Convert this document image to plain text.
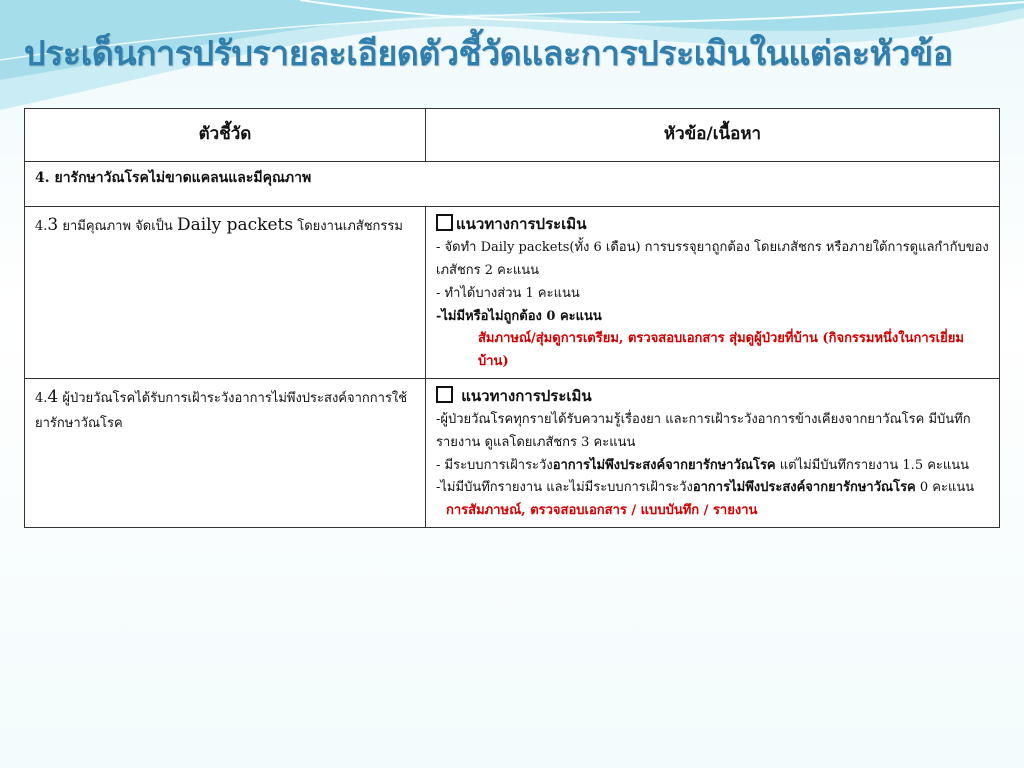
ประเด็นการปรับรายละเอียดตัวชี้วัดและการประเมินในแต่ละหัวข้อ
ตัวชี้วัด	หัวข้อ/เนื้อหา
4. ยารักษาวัณโรคไม่ขาดแคลนและมีคุณภาพ	
4.3 ยามีคุณภาพ จัดเป็น Daily packets โดยงานเภสัชกรรม	แนวทางการประเมิน
- จัดทำ Daily packets(ทั้ง 6 เดือน) การบรรจุยาถูกต้อง โดยเภสัชกร หรือภายใต้การดูแลกำกับของ เภสัชกร 2 คะแนน
- ทำได้บางส่วน 1 คะแนน
-ไม่มีหรือไม่ถูกต้อง 0 คะแนน
สัมภาษณ์/สุ่มดูการเตรียม, ตรวจสอบเอกสาร สุ่มดูผู้ป่วยที่บ้าน (กิจกรรมหนึ่งในการเยี่ยมบ้าน)

4.4 ผู้ป่วยวัณโรคได้รับการเฝ้าระวังอาการไม่พึงประสงค์จากการใช้ยารักษาวัณโรค	แนวทางการประเมิน
-ผู้ป่วยวัณโรคทุกรายได้รับความรู้เรื่องยา และการเฝ้าระวังอาการข้างเคียงจากยาวัณโรค มีบันทึกรายงาน ดูแลโดยเภสัชกร 3 คะแนน
- มีระบบการเฝ้าระวังอาการไม่พึงประสงค์จากยารักษาวัณโรค แต่ไม่มีบันทึกรายงาน 1.5 คะแนน
-ไม่มีบันทึกรายงาน และไม่มีระบบการเฝ้าระวังอาการไม่พึงประสงค์จากยารักษาวัณโรค 0 คะแนน
การสัมภาษณ์, ตรวจสอบเอกสาร / แบบบันทึก / รายงาน
